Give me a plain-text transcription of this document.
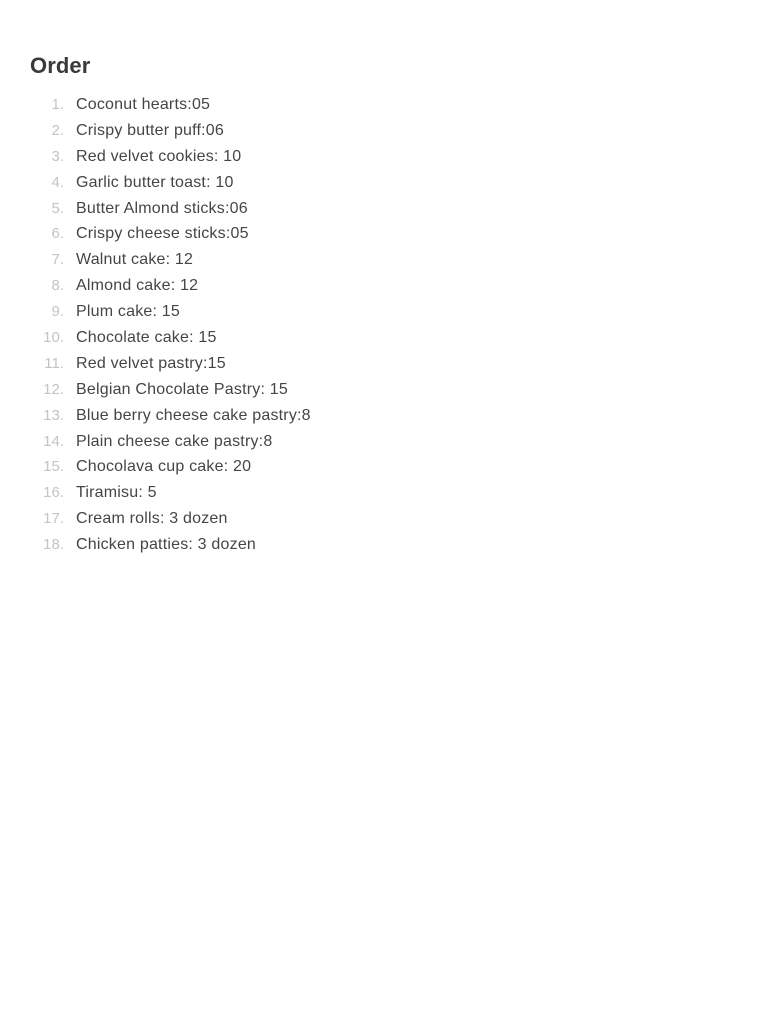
Order
1. Coconut hearts:05
2. Crispy butter puff:06
3. Red velvet cookies: 10
4. Garlic butter toast: 10
5. Butter Almond sticks:06
6. Crispy cheese sticks:05
7. Walnut cake: 12
8. Almond cake: 12
9. Plum cake: 15
10. Chocolate cake: 15
11. Red velvet pastry:15
12. Belgian Chocolate Pastry: 15
13. Blue berry cheese cake pastry:8
14. Plain cheese cake pastry:8
15. Chocolava cup cake: 20
16. Tiramisu: 5
17. Cream rolls: 3 dozen
18. Chicken patties: 3 dozen
